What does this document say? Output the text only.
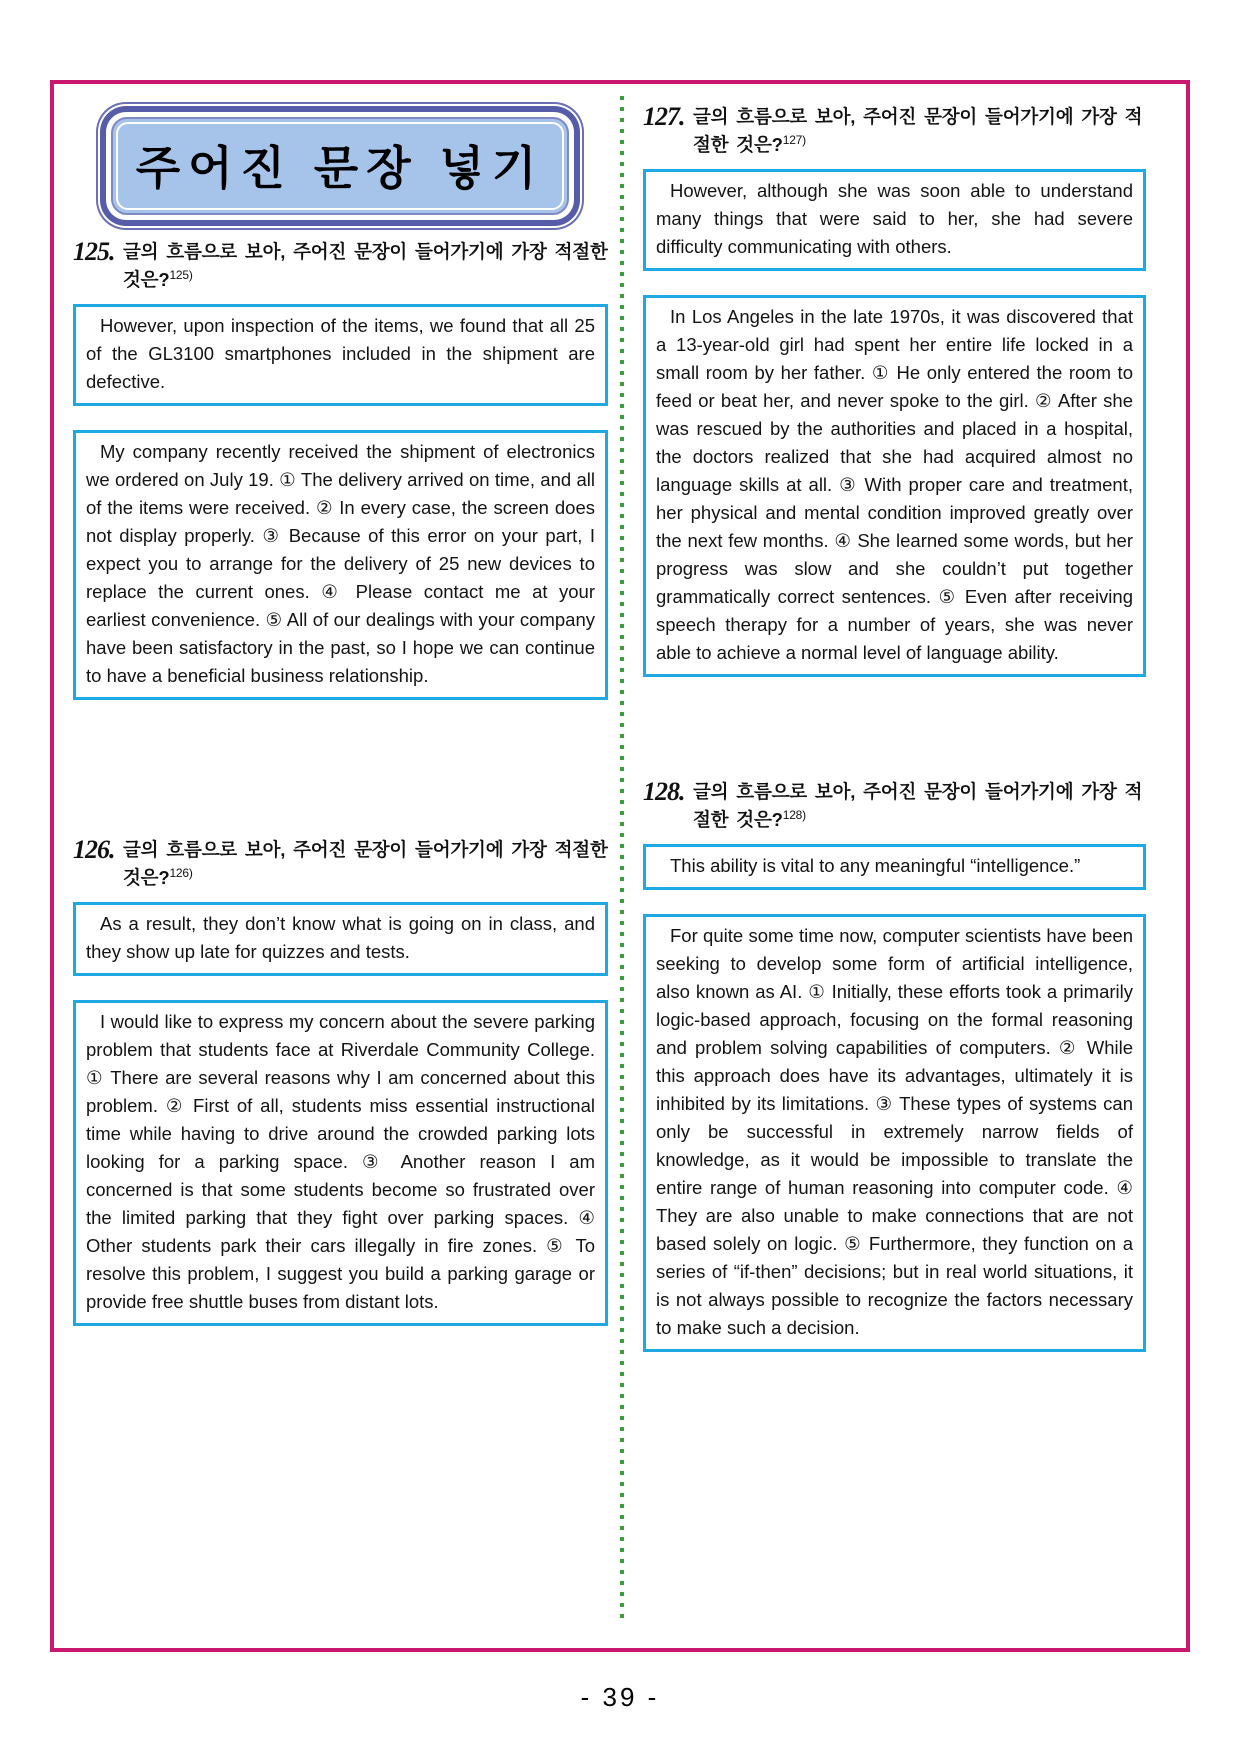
주어진 문장 넣기
125. 글의 흐름으로 보아, 주어진 문장이 들어가기에 가장 적절한 것은?$^{125)}$
However, upon inspection of the items, we found that all 25 of the GL3100 smartphones included in the shipment are defective.
My company recently received the shipment of electronics we ordered on July 19. ① The delivery arrived on time, and all of the items were received. ② In every case, the screen does not display properly. ③ Because of this error on your part, I expect you to arrange for the delivery of 25 new devices to replace the current ones. ④ Please contact me at your earliest convenience. ⑤ All of our dealings with your company have been satisfactory in the past, so I hope we can continue to have a beneficial business relationship.
126. 글의 흐름으로 보아, 주어진 문장이 들어가기에 가장 적절한 것은?$^{126)}$
As a result, they don’t know what is going on in class, and they show up late for quizzes and tests.
I would like to express my concern about the severe parking problem that students face at Riverdale Community College. ① There are several reasons why I am concerned about this problem. ② First of all, students miss essential instructional time while having to drive around the crowded parking lots looking for a parking space. ③ Another reason I am concerned is that some students become so frustrated over the limited parking that they fight over parking spaces. ④ Other students park their cars illegally in fire zones. ⑤ To resolve this problem, I suggest you build a parking garage or provide free shuttle buses from distant lots.
127. 글의 흐름으로 보아, 주어진 문장이 들어가기에 가장 적절한 것은?$^{127)}$
However, although she was soon able to understand many things that were said to her, she had severe difficulty communicating with others.
In Los Angeles in the late 1970s, it was discovered that a 13-year-old girl had spent her entire life locked in a small room by her father. ① He only entered the room to feed or beat her, and never spoke to the girl. ② After she was rescued by the authorities and placed in a hospital, the doctors realized that she had acquired almost no language skills at all. ③ With proper care and treatment, her physical and mental condition improved greatly over the next few months. ④ She learned some words, but her progress was slow and she couldn’t put together grammatically correct sentences. ⑤ Even after receiving speech therapy for a number of years, she was never able to achieve a normal level of language ability.
128. 글의 흐름으로 보아, 주어진 문장이 들어가기에 가장 적절한 것은?$^{128)}$
This ability is vital to any meaningful “intelligence.”
For quite some time now, computer scientists have been seeking to develop some form of artificial intelligence, also known as AI. ① Initially, these efforts took a primarily logic-based approach, focusing on the formal reasoning and problem solving capabilities of computers. ② While this approach does have its advantages, ultimately it is inhibited by its limitations. ③ These types of systems can only be successful in extremely narrow fields of knowledge, as it would be impossible to translate the entire range of human reasoning into computer code. ④ They are also unable to make connections that are not based solely on logic. ⑤ Furthermore, they function on a series of “if-then” decisions; but in real world situations, it is not always possible to recognize the factors necessary to make such a decision.
- 39 -
